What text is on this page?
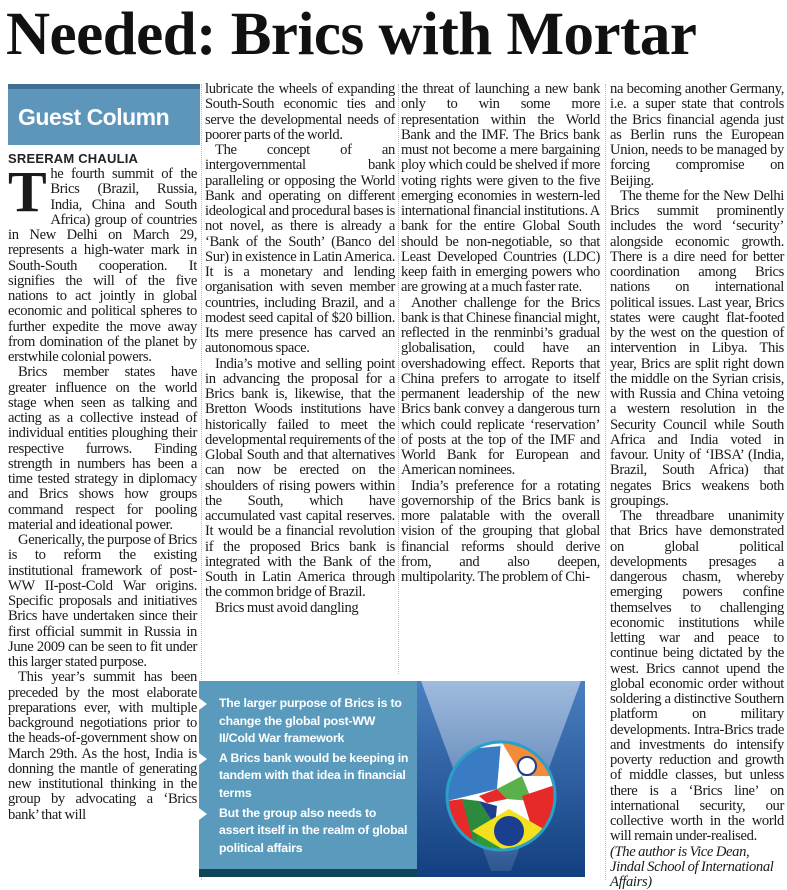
Needed: Brics with Mortar
Guest Column
SREERAM CHAULIA

The fourth summit of the Brics (Brazil, Russia, India, China and South Africa) group of countries in New Delhi on March 29, represents a high-water mark in South-South cooperation. It signifies the will of the five nations to act jointly in global economic and political spheres to further expedite the move away from domination of the planet by erstwhile colonial powers.

Brics member states have greater influence on the world stage when seen as talking and acting as a collective instead of individual entities ploughing their respective furrows. Finding strength in numbers has been a time tested strategy in diplomacy and Brics shows how groups command respect for pooling material and ideational power.

Generically, the purpose of Brics is to reform the existing institutional framework of post-WW II-post-Cold War origins. Specific proposals and initiatives Brics have undertaken since their first official summit in Russia in June 2009 can be seen to fit under this larger stated purpose.

This year’s summit has been preceded by the most elaborate preparations ever, with multiple background negotiations prior to the heads-of-government show on March 29th. As the host, India is donning the mantle of generating new institutional thinking in the group by advocating a ‘Brics bank’ that will

lubricate the wheels of expanding South-South economic ties and serve the developmental needs of poorer parts of the world.

The concept of an intergovernmental bank paralleling or opposing the World Bank and operating on different ideological and procedural bases is not novel, as there is already a ‘Bank of the South’ (Banco del Sur) in existence in Latin America. It is a monetary and lending organisation with seven member countries, including Brazil, and a modest seed capital of $20 billion. Its mere presence has carved an autonomous space.

India’s motive and selling point in advancing the proposal for a Brics bank is, likewise, that the Bretton Woods institutions have historically failed to meet the developmental requirements of the Global South and that alternatives can now be erected on the shoulders of rising powers within the South, which have accumulated vast capital reserves. It would be a financial revolution if the proposed Brics bank is integrated with the Bank of the South in Latin America through the common bridge of Brazil.

Brics must avoid dangling

the threat of launching a new bank only to win some more representation within the World Bank and the IMF. The Brics bank must not become a mere bargaining ploy which could be shelved if more voting rights were given to the five emerging economies in western-led international financial institutions. A bank for the entire Global South should be non-negotiable, so that Least Developed Countries (LDC) keep faith in emerging powers who are growing at a much faster rate.

Another challenge for the Brics bank is that Chinese financial might, reflected in the renminbi’s gradual globalisation, could have an overshadowing effect. Reports that China prefers to arrogate to itself permanent leadership of the new Brics bank convey a dangerous turn which could replicate ‘reservation’ of posts at the top of the IMF and World Bank for European and American nominees.

India’s preference for a rotating governorship of the Brics bank is more palatable with the overall vision of the grouping that global financial reforms should derive from, and also deepen, multipolarity. The problem of Chi-

na becoming another Germany, i.e. a super state that controls the Brics financial agenda just as Berlin runs the European Union, needs to be managed by forcing compromise on Beijing.

The theme for the New Delhi Brics summit prominently includes the word ‘security’ alongside economic growth. There is a dire need for better coordination among Brics nations on international political issues. Last year, Brics states were caught flat-footed by the west on the question of intervention in Libya. This year, Brics are split right down the middle on the Syrian crisis, with Russia and China vetoing a western resolution in the Security Council while South Africa and India voted in favour. Unity of ‘IBSA’ (India, Brazil, South Africa) that negates Brics weakens both groupings.

The threadbare unanimity that Brics have demonstrated on global political developments presages a dangerous chasm, whereby emerging powers confine themselves to challenging economic institutions while letting war and peace to continue being dictated by the west. Brics cannot upend the global economic order without soldering a distinctive Southern platform on military developments. Intra-Brics trade and investments do intensify poverty reduction and growth of middle classes, but unless there is a ‘Brics line’ on international security, our collective worth in the world will remain under-realised.

(The author is Vice Dean, Jindal School of International Affairs)

The larger purpose of Brics is to change the global post-WW II/Cold War framework
A Brics bank would be keeping in tandem with that idea in financial terms
But the group also needs to assert itself in the realm of global political affairs
